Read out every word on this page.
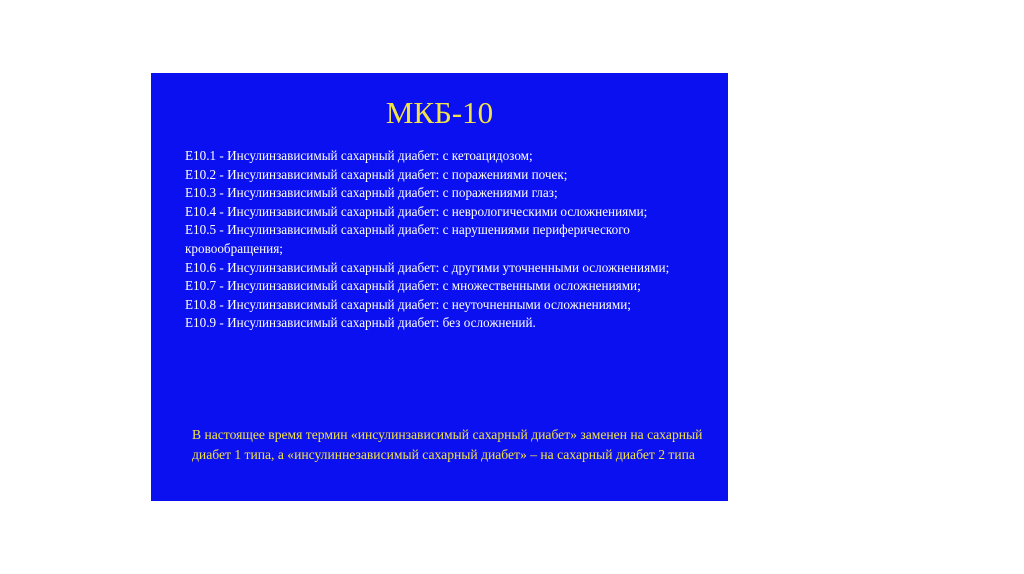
МКБ-10
Е10.1 - Инсулинзависимый сахарный диабет: с кетоацидозом;
Е10.2 - Инсулинзависимый сахарный диабет: с поражениями почек;
Е10.3 - Инсулинзависимый сахарный диабет: с поражениями глаз;
Е10.4 - Инсулинзависимый сахарный диабет: с неврологическими осложнениями;
Е10.5 - Инсулинзависимый сахарный диабет: с нарушениями периферического кровообращения;
Е10.6 - Инсулинзависимый сахарный диабет: с другими уточненными осложнениями;
Е10.7 - Инсулинзависимый сахарный диабет: с множественными осложнениями;
Е10.8 - Инсулинзависимый сахарный диабет: с неуточненными осложнениями;
Е10.9 - Инсулинзависимый сахарный диабет: без осложнений.
В настоящее время термин «инсулинзависимый сахарный диабет» заменен на сахарный диабет 1 типа, а «инсулиннезависимый сахарный диабет» – на сахарный диабет 2 типа
